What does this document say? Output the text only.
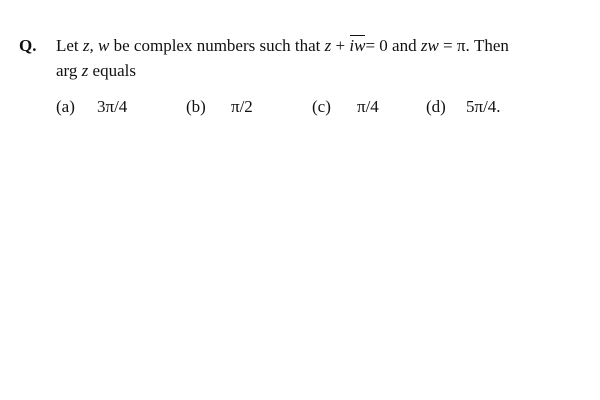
Q. Let z, w be complex numbers such that z + iw= 0 and zw = π. Then
arg z equals
(a) 3π/4	(b) π/2	(c) π/4	(d) 5π/4.
